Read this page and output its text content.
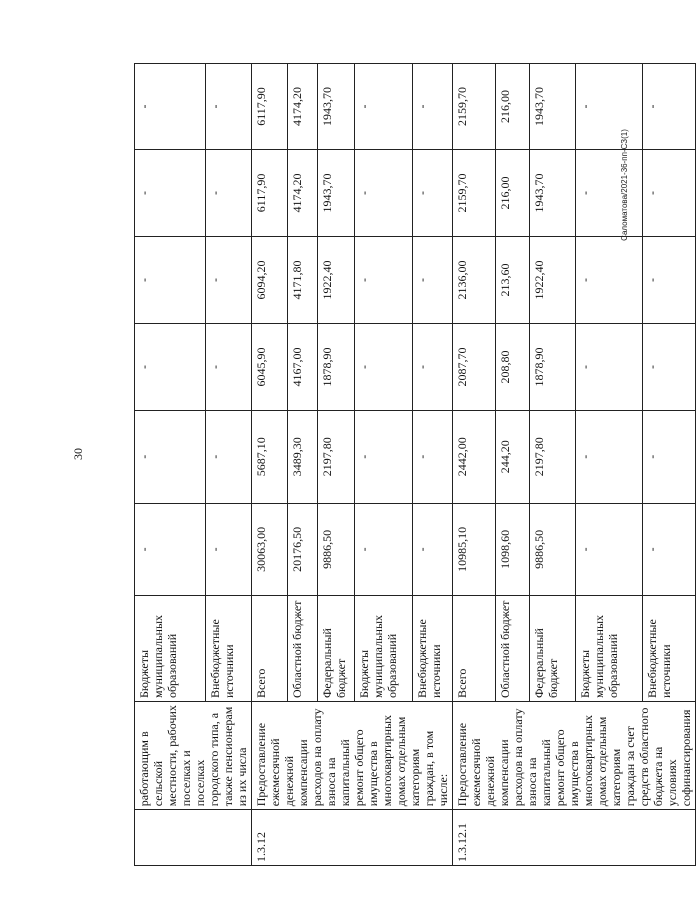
30
Саломатова/2021-36-пп-СЗ(1)
	работающим в сельской местности, рабочих поселках и поселках городского типа, а также пенсионерам из их числа	Бюджеты муниципальных образований	-	-	-	-	-	-
		Внебюджетные источники	-	-	-	-	-	-
1.3.12	Предоставление ежемесячной денежной компенсации расходов на оплату взноса на капитальный ремонт общего имущества в многоквартирных домах отдельным категориям граждан, в том числе:	Всего	30063,00	5687,10	6045,90	6094,20	6117,90	6117,90
		Областной бюджет	20176,50	3489,30	4167,00	4171,80	4174,20	4174,20
		Федеральный бюджет	9886,50	2197,80	1878,90	1922,40	1943,70	1943,70
		Бюджеты муниципальных образований	-	-	-	-	-	-
		Внебюджетные источники	-	-	-	-	-	-
1.3.12.1	Предоставление ежемесячной денежной компенсации расходов на оплату взноса на капитальный ремонт общего имущества в многоквартирных домах отдельным категориям граждан за счет средств областного бюджета на условиях софинансирования	Всего	10985,10	2442,00	2087,70	2136,00	2159,70	2159,70
		Областной бюджет	1098,60	244,20	208,80	213,60	216,00	216,00
		Федеральный бюджет	9886,50	2197,80	1878,90	1922,40	1943,70	1943,70
		Бюджеты муниципальных образований	-	-	-	-	-	-
		Внебюджетные источники	-	-	-	-	-	-
